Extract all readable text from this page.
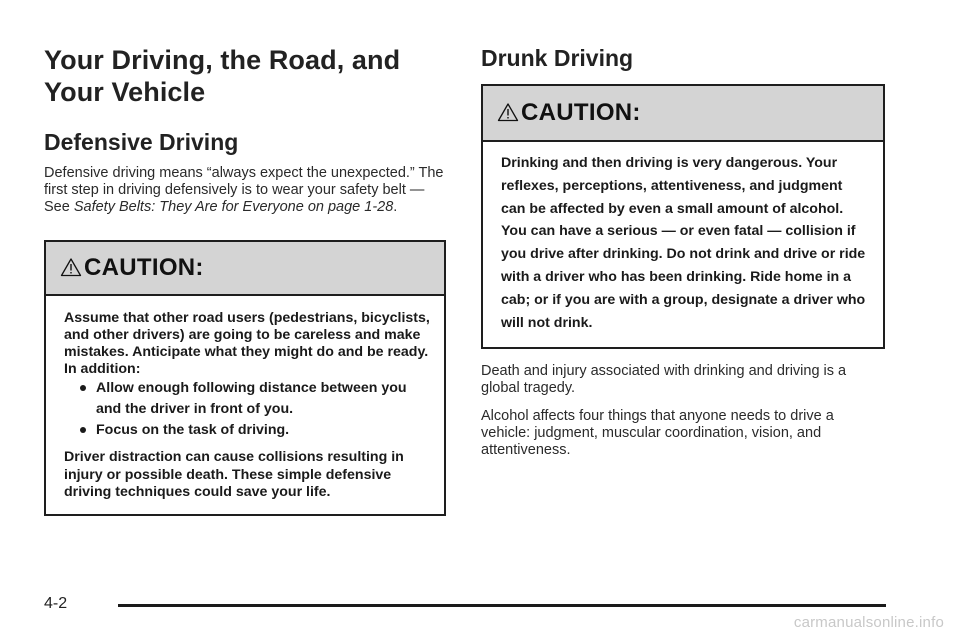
Your Driving, the Road, and
Your Vehicle
Defensive Driving

Defensive driving means “always expect the unexpected.” The first step in driving defensively is to wear your safety belt — See Safety Belts: They Are for Everyone on page 1-28.

CAUTION:

Assume that other road users (pedestrians, bicyclists, and other drivers) are going to be careless and make mistakes. Anticipate what they might do and be ready. In addition:

Allow enough following distance between you and the driver in front of you.
Focus on the task of driving.

Driver distraction can cause collisions resulting in injury or possible death. These simple defensive driving techniques could save your life.

Drunk Driving
CAUTION:

Drinking and then driving is very dangerous. Your reflexes, perceptions, attentiveness, and judgment can be affected by even a small amount of alcohol. You can have a serious — or even fatal — collision if you drive after drinking. Do not drink and drive or ride with a driver who has been drinking. Ride home in a cab; or if you are with a group, designate a driver who will not drink.

Death and injury associated with drinking and driving is a global tragedy.

Alcohol affects four things that anyone needs to drive a vehicle: judgment, muscular coordination, vision, and attentiveness.

4-2
carmanualsonline.info
